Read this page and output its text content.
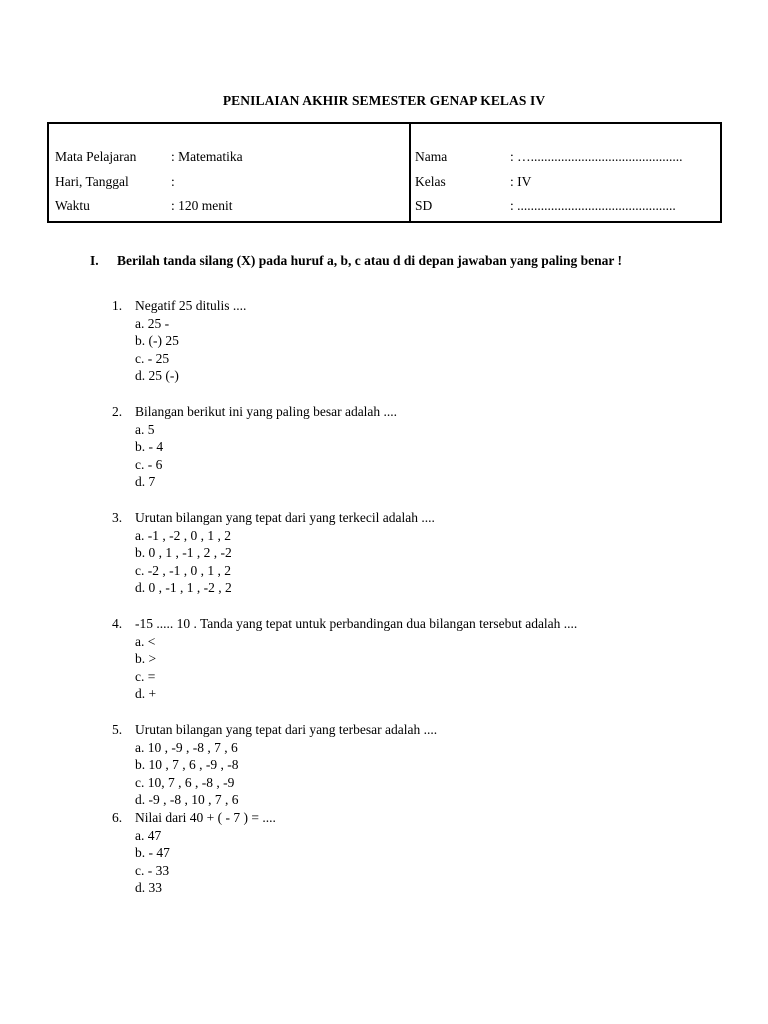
PENILAIAN AKHIR SEMESTER GENAP KELAS IV
Mata Pelajaran	: Matematika
Hari, Tanggal	:
Waktu	: 120 menit
Nama	: ….............................................
Kelas	: IV
SD	: ...............................................
I. Berilah tanda silang (X) pada huruf a, b, c atau d di depan jawaban yang paling benar !
1. Negatif 25 ditulis ....
a. 25 -
b. (-) 25
c. - 25
d. 25 (-)
2. Bilangan berikut ini yang paling besar adalah ....
a. 5
b. - 4
c. - 6
d. 7
3. Urutan bilangan yang tepat dari yang terkecil adalah ....
a. -1 , -2 , 0 , 1 , 2
b. 0 , 1 , -1 , 2 , -2
c. -2 , -1 , 0 , 1 , 2
d. 0 , -1 , 1 , -2 , 2
4. -15 ..... 10 . Tanda yang tepat untuk perbandingan dua bilangan tersebut adalah ....
a. <
b. >
c. =
d. +
5. Urutan bilangan yang tepat dari yang terbesar adalah ....
a. 10 , -9 , -8 , 7 , 6
b. 10 , 7 , 6 , -9 , -8
c. 10, 7 , 6 , -8 , -9
d. -9 , -8 , 10 , 7 , 6
6. Nilai dari 40 + ( - 7 ) = ....
a. 47
b. - 47
c. - 33
d. 33
